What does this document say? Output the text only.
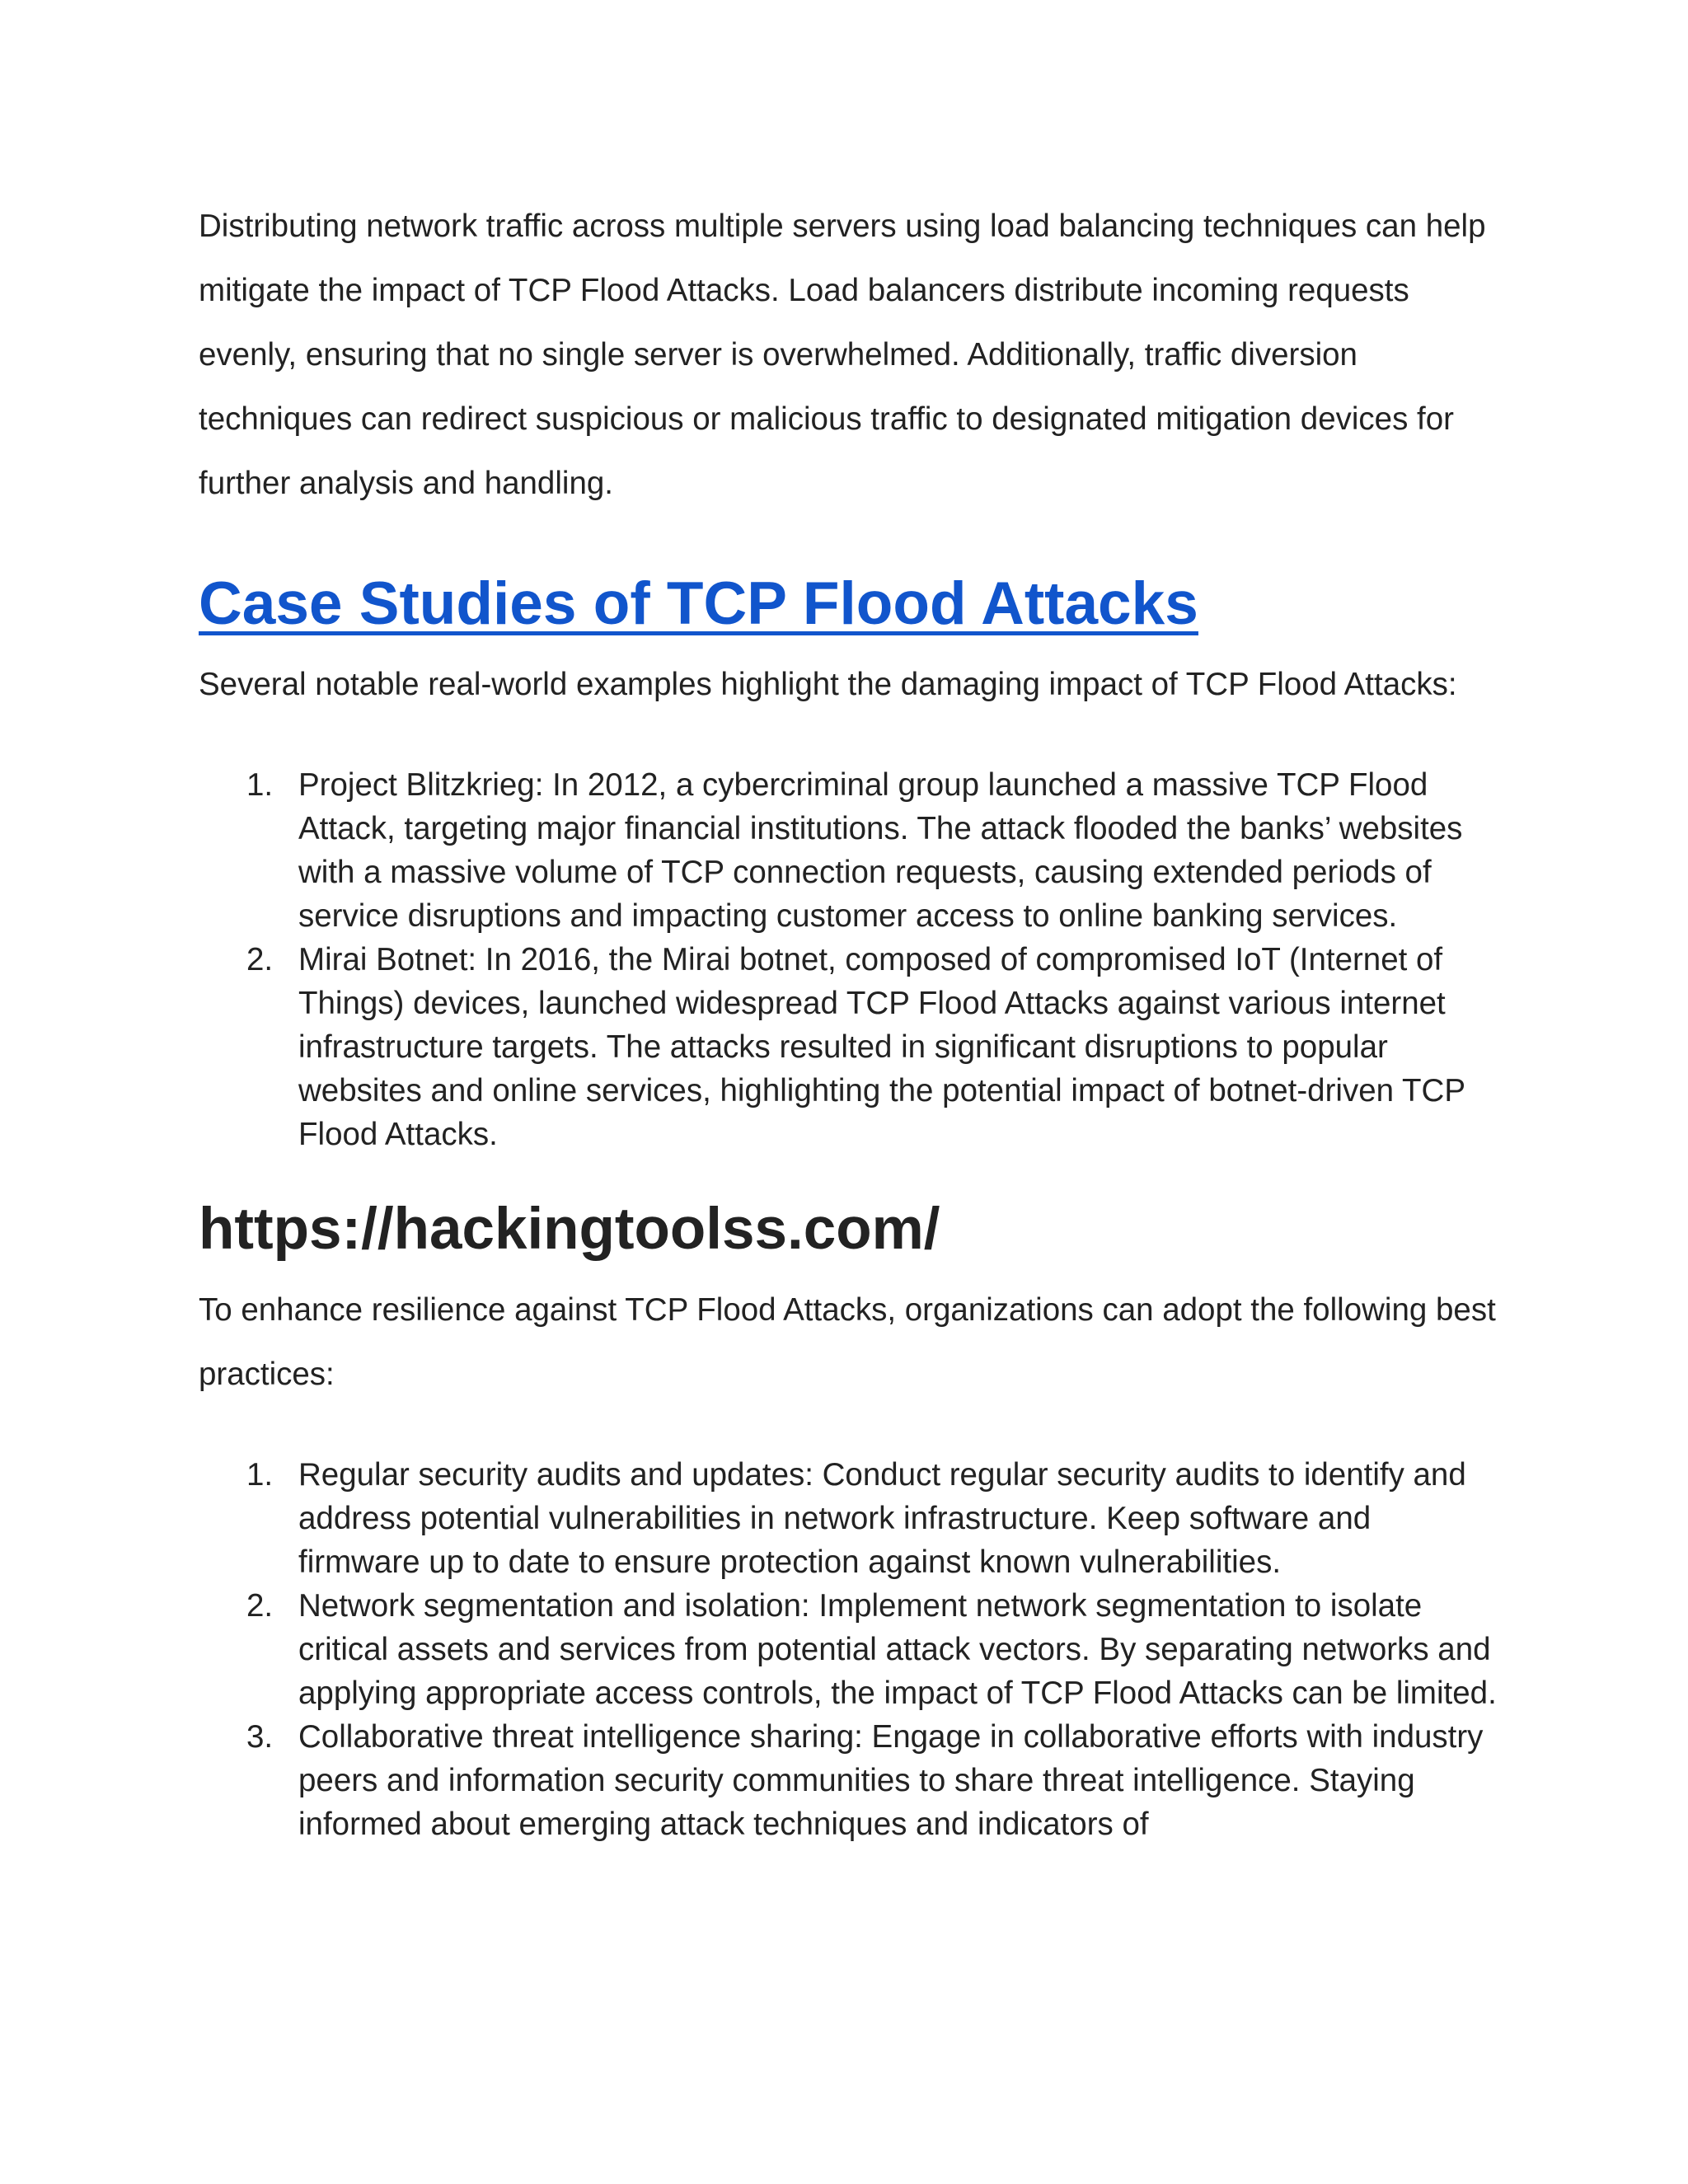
Distributing network traffic across multiple servers using load balancing techniques can help mitigate the impact of TCP Flood Attacks. Load balancers distribute incoming requests evenly, ensuring that no single server is overwhelmed. Additionally, traffic diversion techniques can redirect suspicious or malicious traffic to designated mitigation devices for further analysis and handling.

Case Studies of TCP Flood Attacks

Several notable real-world examples highlight the damaging impact of TCP Flood Attacks:

1. Project Blitzkrieg: In 2012, a cybercriminal group launched a massive TCP Flood Attack, targeting major financial institutions. The attack flooded the banks’ websites with a massive volume of TCP connection requests, causing extended periods of service disruptions and impacting customer access to online banking services.
2. Mirai Botnet: In 2016, the Mirai botnet, composed of compromised IoT (Internet of Things) devices, launched widespread TCP Flood Attacks against various internet infrastructure targets. The attacks resulted in significant disruptions to popular websites and online services, highlighting the potential impact of botnet-driven TCP Flood Attacks.
https://hackingtoolss.com/

To enhance resilience against TCP Flood Attacks, organizations can adopt the following best practices:

1. Regular security audits and updates: Conduct regular security audits to identify and address potential vulnerabilities in network infrastructure. Keep software and firmware up to date to ensure protection against known vulnerabilities.
2. Network segmentation and isolation: Implement network segmentation to isolate critical assets and services from potential attack vectors. By separating networks and applying appropriate access controls, the impact of TCP Flood Attacks can be limited.
3. Collaborative threat intelligence sharing: Engage in collaborative efforts with industry peers and information security communities to share threat intelligence. Staying informed about emerging attack techniques and indicators of
